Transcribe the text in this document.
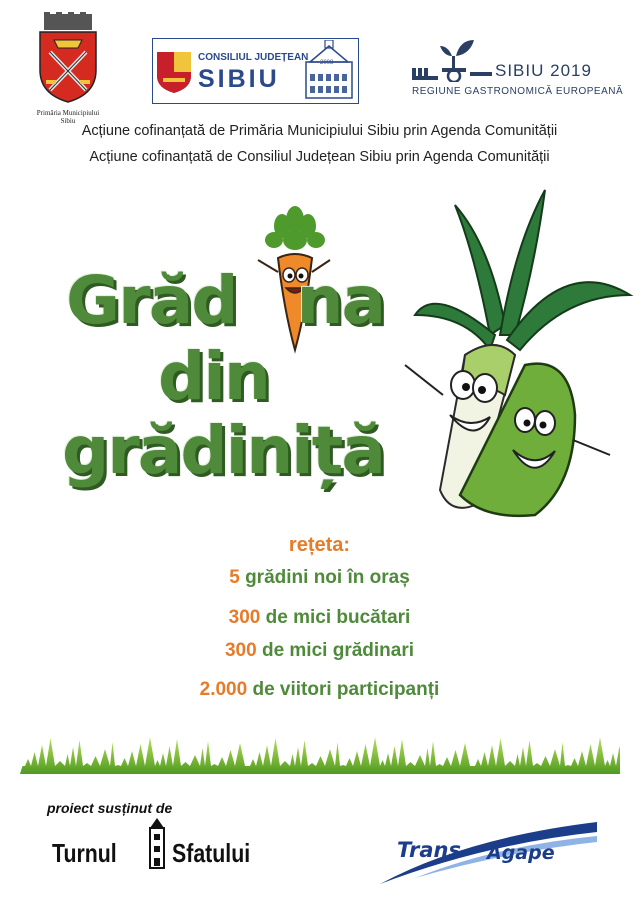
Primăria Municipiului
Sibiu
CONSILIUL JUDEȚEAN
SIBIU
2008	SIBIU 2019
REGIUNE GASTRONOMICĂ EUROPEANĂ
Acțiune cofinanțată de Primăria Municipiului Sibiu prin Agenda Comunității
Acțiune cofinanțată de Consiliul Județean Sibiu prin Agenda Comunității
Grăd na
din
grădiniță
rețeta:
5 grădini noi în oraș
300 de mici bucătari
300 de mici grădinari
2.000 de viitori participanți
proiect susținut de
Turnul Sfatului	Trans Agape
